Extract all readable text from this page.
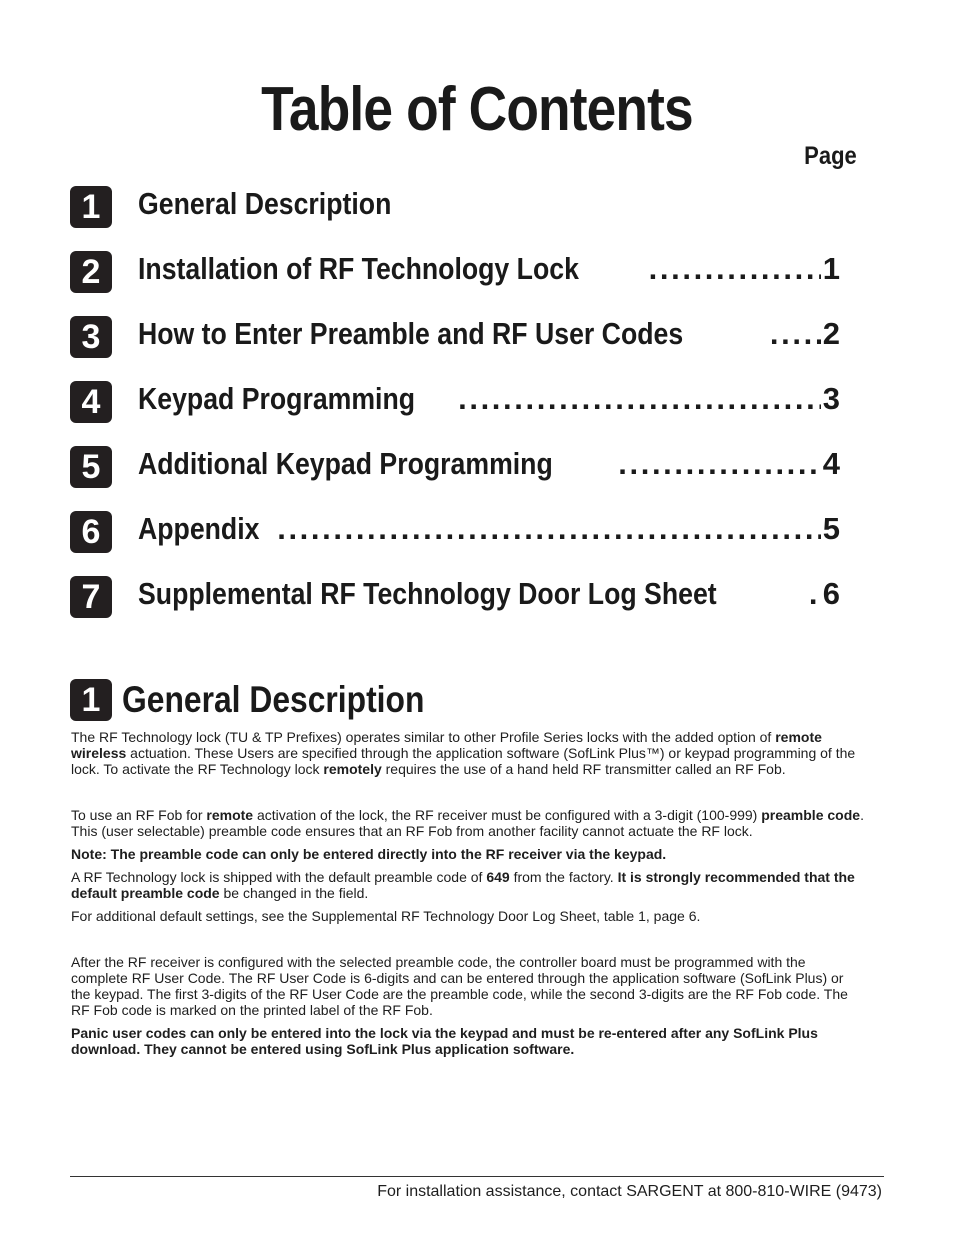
Table of Contents
Page
1	General Description
2	Installation of RF Technology Lock . . .	1
3	How to Enter Preamble and RF User Codes . . .	2
4	Keypad Programming . . .	3
5	Additional Keypad Programming . . .	4
6	Appendix . . .	5
7	Supplemental RF Technology Door Log Sheet . . .	6
1 General Description

The RF Technology lock (TU & TP Prefixes) operates similar to other Profile Series locks with the added option of remote wireless actuation. These Users are specified through the application software (SofLink Plus™) or keypad programming of the lock. To activate the RF Technology lock remotely requires the use of a hand held RF transmitter called an RF Fob.

To use an RF Fob for remote activation of the lock, the RF receiver must be configured with a 3-digit (100-999) preamble code. This (user selectable) preamble code ensures that an RF Fob from another facility cannot actuate the RF lock.

Note: The preamble code can only be entered directly into the RF receiver via the keypad.

A RF Technology lock is shipped with the default preamble code of 649 from the factory. It is strongly recommended that the default preamble code be changed in the field.

For additional default settings, see the Supplemental RF Technology Door Log Sheet, table 1, page 6.

After the RF receiver is configured with the selected preamble code, the controller board must be programmed with the complete RF User Code. The RF User Code is 6-digits and can be entered through the application software (SofLink Plus) or the keypad. The first 3-digits of the RF User Code are the preamble code, while the second 3-digits are the RF Fob code. The RF Fob code is marked on the printed label of the RF Fob.

Panic user codes can only be entered into the lock via the keypad and must be re-entered after any SofLink Plus download. They cannot be entered using SofLink Plus application software.

For installation assistance, contact SARGENT at 800-810-WIRE (9473)
